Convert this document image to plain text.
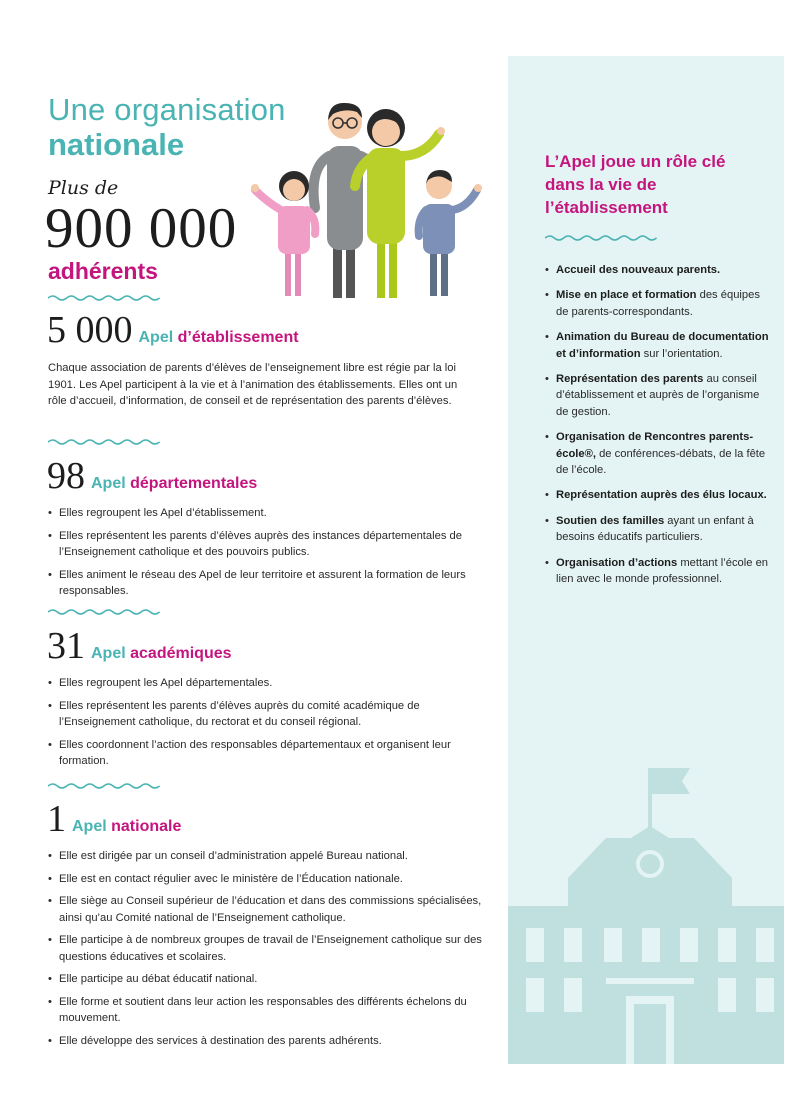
Une organisation
nationale
Plus de
900 000
adhérents
5 000 Apel d’établissement
Chaque association de parents d’élèves de l’enseignement libre est régie par la loi 1901. Les Apel participent à la vie et à l’animation des établissements. Elles ont un rôle d’accueil, d’information, de conseil et de représentation des parents d’élèves.
98 Apel départementales
• Elles regroupent les Apel d’établissement.
• Elles représentent les parents d’élèves auprès des instances départementales de l’Enseignement catholique et des pouvoirs publics.
• Elles animent le réseau des Apel de leur territoire et assurent la formation de leurs responsables.
31 Apel académiques
• Elles regroupent les Apel départementales.
• Elles représentent les parents d’élèves auprès du comité académique de l’Enseignement catholique, du rectorat et du conseil régional.
• Elles coordonnent l’action des responsables départementaux et organisent leur formation.
1 Apel nationale
• Elle est dirigée par un conseil d’administration appelé Bureau national.
• Elle est en contact régulier avec le ministère de l’Éducation nationale.
• Elle siège au Conseil supérieur de l’éducation et dans des commissions spécialisées, ainsi qu’au Comité national de l’Enseignement catholique.
• Elle participe à de nombreux groupes de travail de l’Enseignement catholique sur des questions éducatives et scolaires.
• Elle participe au débat éducatif national.
• Elle forme et soutient dans leur action les responsables des différents échelons du mouvement.
• Elle développe des services à destination des parents adhérents.
L’Apel joue un rôle clé dans la vie de l’établissement
• Accueil des nouveaux parents.
• Mise en place et formation des équipes de parents-correspondants.
• Animation du Bureau de documentation et d’information sur l’orientation.
• Représentation des parents au conseil d’établissement et auprès de l’organisme de gestion.
• Organisation de Rencontres parents-école®, de conférences-débats, de la fête de l’école.
• Représentation auprès des élus locaux.
• Soutien des familles ayant un enfant à besoins éducatifs particuliers.
• Organisation d’actions mettant l’école en lien avec le monde professionnel.
